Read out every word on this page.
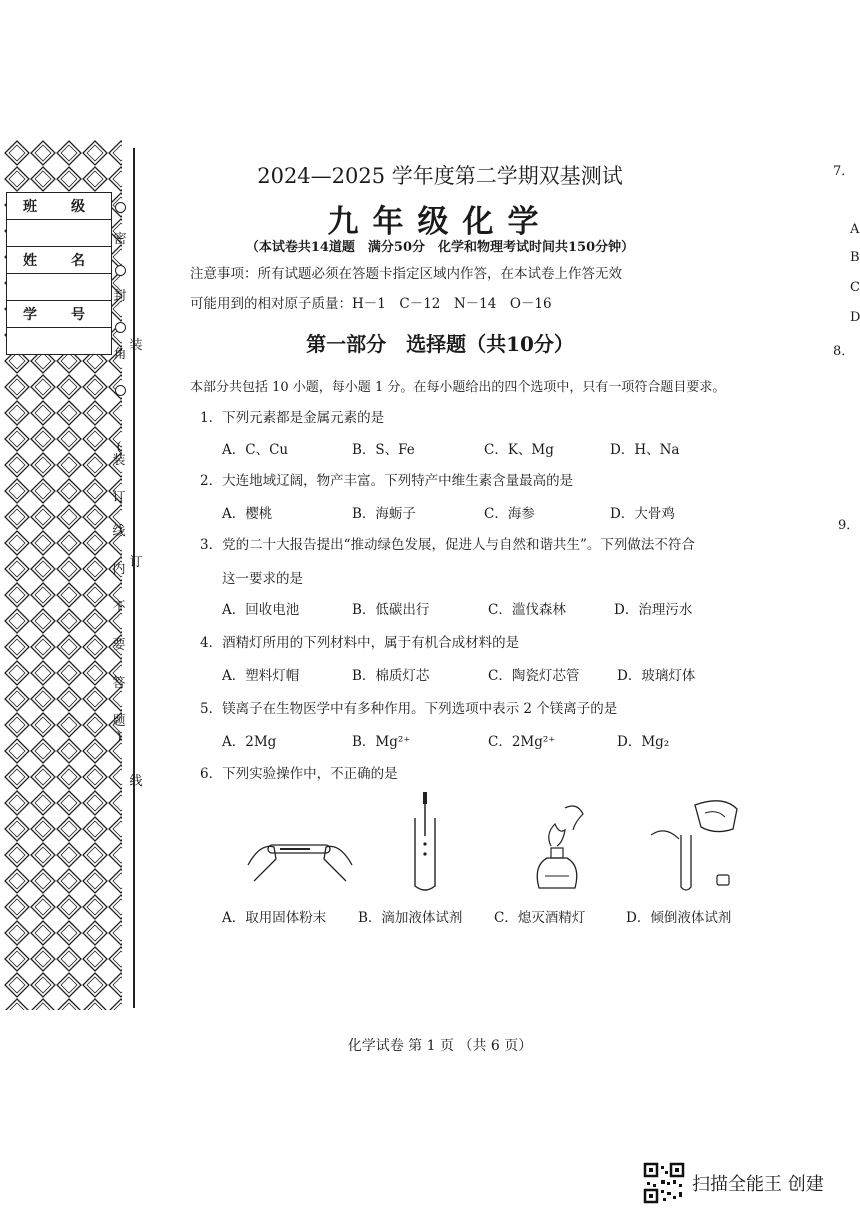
班　级
姓　名
学　号
密
封
角
装
订
线
(
装
订
线
内
不
要
答
题
)
2024—2025 学年度第二学期双基测试
九年级化学
（本试卷共14道题　满分50分　化学和物理考试时间共150分钟）
注意事项：所有试题必须在答题卡指定区域内作答，在本试卷上作答无效
可能用到的相对原子质量：H－1　C－12　N－14　O－16
第一部分　选择题（共10分）
本部分共包括 10 小题，每小题 1 分。在每小题给出的四个选项中，只有一项符合题目要求。
1．下列元素都是金属元素的是
A．C、Cu	B．S、Fe	C．K、Mg	D．H、Na
2．大连地域辽阔，物产丰富。下列特产中维生素含量最高的是
A．樱桃	B．海蛎子	C．海参	D．大骨鸡
3．党的二十大报告提出“推动绿色发展，促进人与自然和谐共生”。下列做法不符合
这一要求的是
A．回收电池	B．低碳出行	C．滥伐森林	D．治理污水
4．酒精灯所用的下列材料中，属于有机合成材料的是
A．塑料灯帽	B．棉质灯芯	C．陶瓷灯芯管	D．玻璃灯体
5．镁离子在生物医学中有多种作用。下列选项中表示 2 个镁离子的是
A．2Mg	B．Mg²⁺	C．2Mg²⁺	D．Mg₂
6．下列实验操作中，不正确的是
A．取用固体粉末 B．滴加液体试剂 C．熄灭酒精灯	D．倾倒液体试剂
化学试卷 第 1 页 （共 6 页）
7．
A
B
C
D
8．
9．
扫描全能王 创建
